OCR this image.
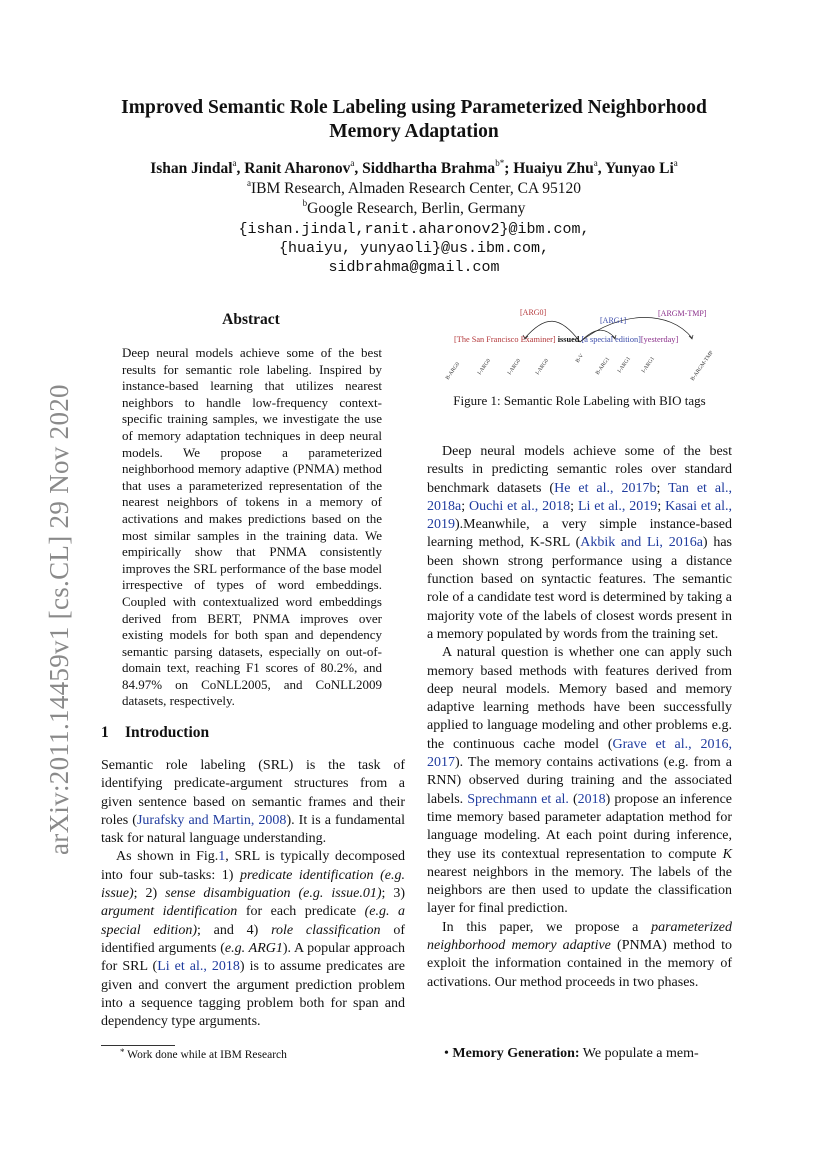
arXiv:2011.14459v1 [cs.CL] 29 Nov 2020
Improved Semantic Role Labeling using Parameterized Neighborhood
Memory Adaptation
Ishan Jindal$^a$, Ranit Aharonov$^a$, Siddhartha Brahma$^{b*}$; Huaiyu Zhu$^a$, Yunyao Li$^a$
$^a$IBM Research, Almaden Research Center, CA 95120
$^b$Google Research, Berlin, Germany
{ishan.jindal,ranit.aharonov2}@ibm.com,
{huaiyu, yunyaoli}@us.ibm.com,
sidbrahma@gmail.com
Abstract
Deep neural models achieve some of the best results for semantic role labeling. Inspired by instance-based learning that utilizes nearest neighbors to handle low-frequency context-specific training samples, we investigate the use of memory adaptation techniques in deep neural models. We propose a parameterized neighborhood memory adaptive (PNMA) method that uses a parameterized representation of the nearest neighbors of tokens in a memory of activations and makes predictions based on the most similar samples in the training data. We empirically show that PNMA consistently improves the SRL performance of the base model irrespective of types of word embeddings. Coupled with contextualized word embeddings derived from BERT, PNMA improves over existing models for both span and dependency semantic parsing datasets, especially on out-of-domain text, reaching F1 scores of 80.2%, and 84.97% on CoNLL2005, and CoNLL2009 datasets, respectively.
1 Introduction

Semantic role labeling (SRL) is the task of identifying predicate-argument structures from a given sentence based on semantic frames and their roles (Jurafsky and Martin, 2008). It is a fundamental task for natural language understanding.

As shown in Fig.1, SRL is typically decomposed into four sub-tasks: 1) predicate identification (e.g. issue); 2) sense disambiguation (e.g. issue.01); 3) argument identification for each predicate (e.g. a special edition); and 4) role classification of identified arguments (e.g. ARG1). A popular approach for SRL (Li et al., 2018) is to assume predicates are given and convert the argument prediction problem into a sequence tagging problem both for span and dependency type arguments.

* Work done while at IBM Research
[ARG0]
[ARG1]
[ARGM-TMP]
[The San Francisco Examiner] issued [a special edition][yesterday]
B-ARG0	I-ARG0	I-ARG0 I-ARG0	B-V B-ARG1 I-ARG1 I-ARG1	B-ARGM-TMP
Figure 1: Semantic Role Labeling with BIO tags

Deep neural models achieve some of the best results in predicting semantic roles over standard benchmark datasets (He et al., 2017b; Tan et al., 2018a; Ouchi et al., 2018; Li et al., 2019; Kasai et al., 2019).Meanwhile, a very simple instance-based learning method, K-SRL (Akbik and Li, 2016a) has been shown strong performance using a distance function based on syntactic features. The semantic role of a candidate test word is determined by taking a majority vote of the labels of closest words present in a memory populated by words from the training set.

A natural question is whether one can apply such memory based methods with features derived from deep neural models. Memory based and memory adaptive learning methods have been successfully applied to language modeling and other problems e.g. the continuous cache model (Grave et al., 2016, 2017). The memory contains activations (e.g. from a RNN) observed during training and the associated labels. Sprechmann et al. (2018) propose an inference time memory based parameter adaptation method for language modeling. At each point during inference, they use its contextual representation to compute K nearest neighbors in the memory. The labels of the neighbors are then used to update the classification layer for final prediction.

In this paper, we propose a parameterized neighborhood memory adaptive (PNMA) method to exploit the information contained in the memory of activations. Our method proceeds in two phases.

• Memory Generation: We populate a mem-
